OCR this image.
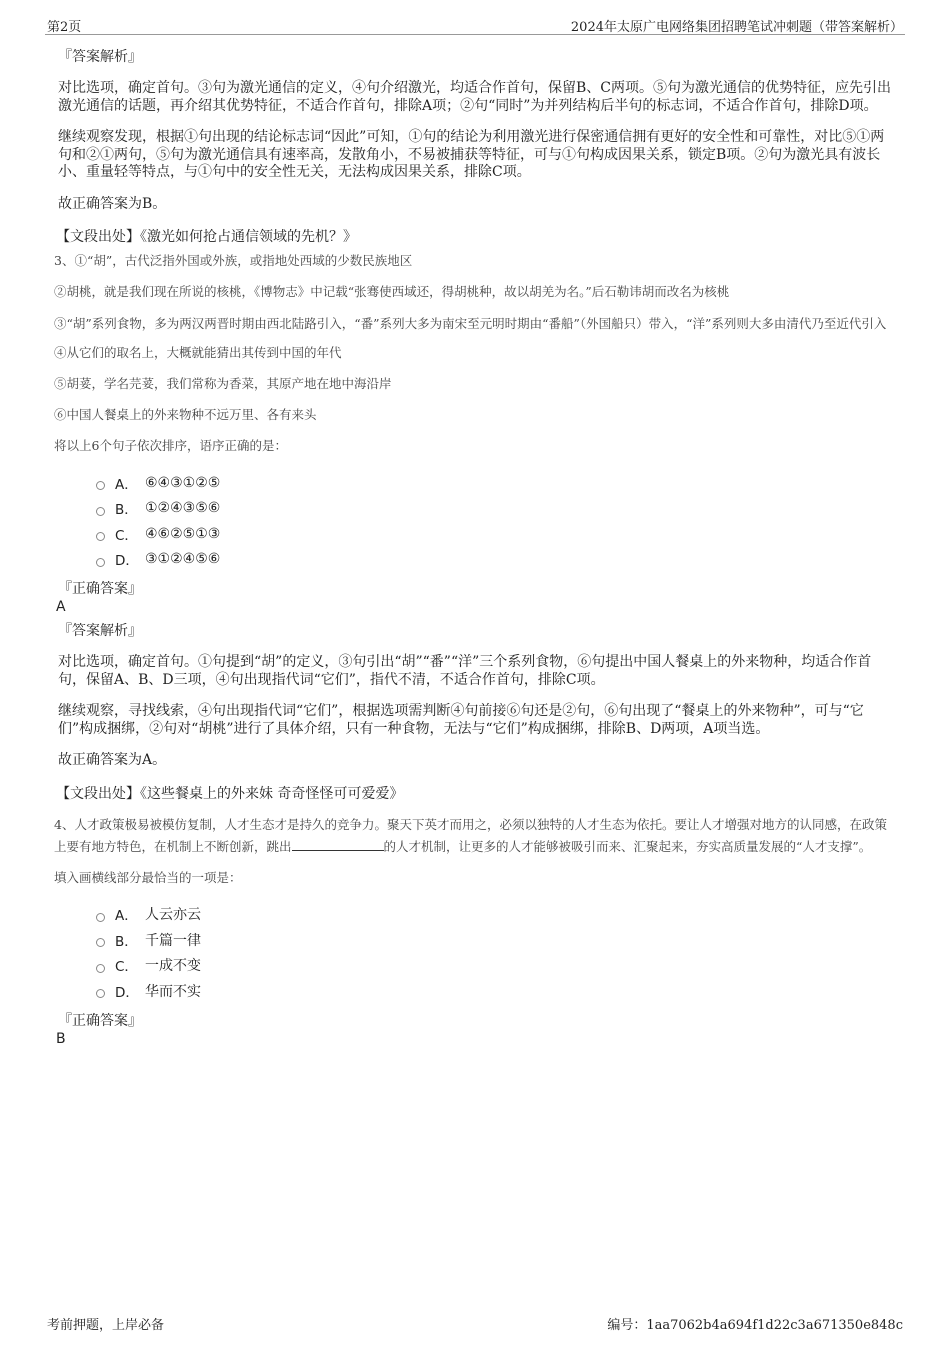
第2页	2024年太原广电网络集团招聘笔试冲刺题（带答案解析）
『答案解析』

对比选项，确定首句。③句为激光通信的定义，④句介绍激光，均适合作首句，保留B、C两项。⑤句为激光通信的优势特征，应先引出激光通信的话题，再介绍其优势特征，不适合作首句，排除A项；②句“同时”为并列结构后半句的标志词，不适合作首句，排除D项。

继续观察发现，根据①句出现的结论标志词“因此”可知，①句的结论为利用激光进行保密通信拥有更好的安全性和可靠性，对比⑤①两句和②①两句，⑤句为激光通信具有速率高，发散角小，不易被捕获等特征，可与①句构成因果关系，锁定B项。②句为激光具有波长小、重量轻等特点，与①句中的安全性无关，无法构成因果关系，排除C项。

故正确答案为B。

【文段出处】《激光如何抢占通信领域的先机？》

3、①“胡”，古代泛指外国或外族，或指地处西域的少数民族地区
②胡桃，就是我们现在所说的核桃，《博物志》中记载“张骞使西域还，得胡桃种，故以胡羌为名。”后石勒讳胡而改名为核桃
③“胡”系列食物，多为两汉两晋时期由西北陆路引入，“番”系列大多为南宋至元明时期由“番船”（外国船只）带入，“洋”系列则大多由清代乃至近代引入
④从它们的取名上，大概就能猜出其传到中国的年代
⑤胡荽，学名芫荽，我们常称为香菜，其原产地在地中海沿岸
⑥中国人餐桌上的外来物种不远万里、各有来头
将以上6个句子依次排序，语序正确的是：
A． ⑥④③①②⑤
B． ①②④③⑤⑥
C． ④⑥②⑤①③
D． ③①②④⑤⑥
『正确答案』
A
『答案解析』

对比选项，确定首句。①句提到“胡”的定义，③句引出“胡”“番”“洋”三个系列食物，⑥句提出中国人餐桌上的外来物种，均适合作首句，保留A、B、D三项，④句出现指代词“它们”，指代不清，不适合作首句，排除C项。

继续观察，寻找线索，④句出现指代词“它们”，根据选项需判断④句前接⑥句还是②句，⑥句出现了“餐桌上的外来物种”，可与“它们”构成捆绑，②句对“胡桃”进行了具体介绍，只有一种食物，无法与“它们”构成捆绑，排除B、D两项，A项当选。

故正确答案为A。

【文段出处】《这些餐桌上的外来妹 奇奇怪怪可可爱爱》

4、人才政策极易被模仿复制，人才生态才是持久的竞争力。聚天下英才而用之，必须以独特的人才生态为依托。要让人才增强对地方的认同感，在政策上要有地方特色，在机制上不断创新，跳出	的人才机制，让更多的人才能够被吸引而来、汇聚起来，夯实高质量发展的“人才支撑”。
填入画横线部分最恰当的一项是：
A． 人云亦云
B． 千篇一律
C． 一成不变
D． 华而不实
『正确答案』
B
考前押题，上岸必备	编号：1aa7062b4a694f1d22c3a671350e848c
